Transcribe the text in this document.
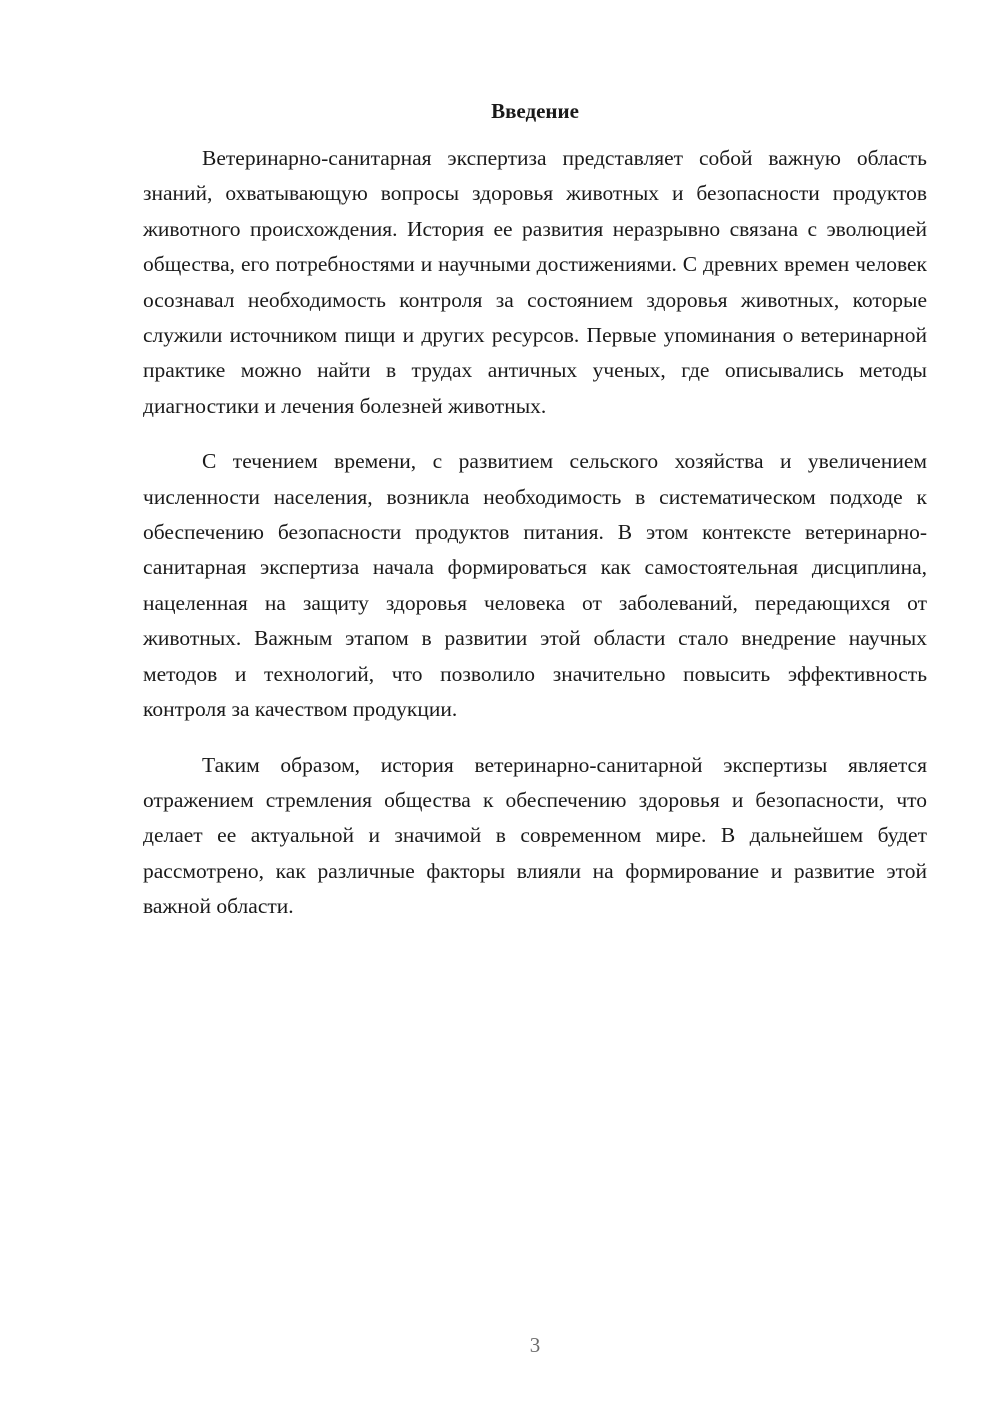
Введение

Ветеринарно-санитарная экспертиза представляет собой важную область знаний, охватывающую вопросы здоровья животных и безопасности продуктов животного происхождения. История ее развития неразрывно связана с эволюцией общества, его потребностями и научными достижениями. С древних времен человек осознавал необходимость контроля за состоянием здоровья животных, которые служили источником пищи и других ресурсов. Первые упоминания о ветеринарной практике можно найти в трудах античных ученых, где описывались методы диагностики и лечения болезней животных.

С течением времени, с развитием сельского хозяйства и увеличением численности населения, возникла необходимость в систематическом подходе к обеспечению безопасности продуктов питания. В этом контексте ветеринарно-санитарная экспертиза начала формироваться как самостоятельная дисциплина, нацеленная на защиту здоровья человека от заболеваний, передающихся от животных. Важным этапом в развитии этой области стало внедрение научных методов и технологий, что позволило значительно повысить эффективность контроля за качеством продукции.

Таким образом, история ветеринарно-санитарной экспертизы является отражением стремления общества к обеспечению здоровья и безопасности, что делает ее актуальной и значимой в современном мире. В дальнейшем будет рассмотрено, как различные факторы влияли на формирование и развитие этой важной области.

3
